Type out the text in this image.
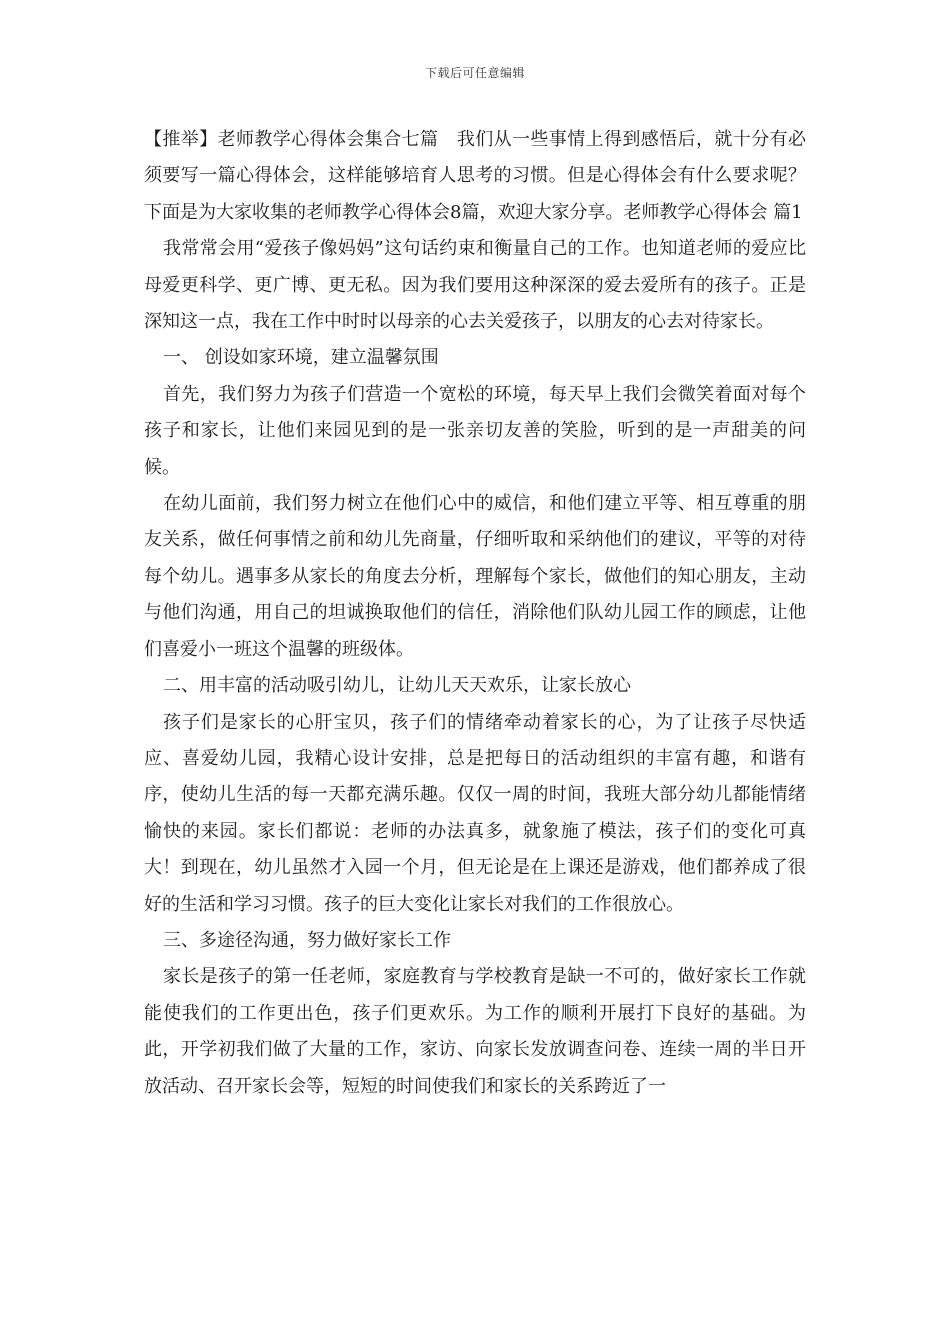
下载后可任意编辑

【推举】老师教学心得体会集合七篇　我们从一些事情上得到感悟后，就十分有必须要写一篇心得体会，这样能够培育人思考的习惯。但是心得体会有什么要求呢？下面是为大家收集的老师教学心得体会8篇，欢迎大家分享。老师教学心得体会 篇1

我常常会用“爱孩子像妈妈”这句话约束和衡量自己的工作。也知道老师的爱应比母爱更科学、更广博、更无私。因为我们要用这种深深的爱去爱所有的孩子。正是深知这一点，我在工作中时时以母亲的心去关爱孩子，以朋友的心去对待家长。

一、 创设如家环境，建立温馨氛围

首先，我们努力为孩子们营造一个宽松的环境，每天早上我们会微笑着面对每个孩子和家长，让他们来园见到的是一张亲切友善的笑脸，听到的是一声甜美的问候。

在幼儿面前，我们努力树立在他们心中的威信，和他们建立平等、相互尊重的朋友关系，做任何事情之前和幼儿先商量，仔细听取和采纳他们的建议，平等的对待每个幼儿。遇事多从家长的角度去分析，理解每个家长，做他们的知心朋友，主动与他们沟通，用自己的坦诚换取他们的信任，消除他们队幼儿园工作的顾虑，让他们喜爱小一班这个温馨的班级体。

二、用丰富的活动吸引幼儿，让幼儿天天欢乐，让家长放心

孩子们是家长的心肝宝贝，孩子们的情绪牵动着家长的心，为了让孩子尽快适应、喜爱幼儿园，我精心设计安排，总是把每日的活动组织的丰富有趣，和谐有序，使幼儿生活的每一天都充满乐趣。仅仅一周的时间，我班大部分幼儿都能情绪愉快的来园。家长们都说：老师的办法真多，就象施了模法，孩子们的变化可真大！到现在，幼儿虽然才入园一个月，但无论是在上课还是游戏，他们都养成了很好的生活和学习习惯。孩子的巨大变化让家长对我们的工作很放心。

三、多途径沟通，努力做好家长工作

家长是孩子的第一任老师，家庭教育与学校教育是缺一不可的，做好家长工作就能使我们的工作更出色，孩子们更欢乐。为工作的顺利开展打下良好的基础。为此，开学初我们做了大量的工作，家访、向家长发放调查问卷、连续一周的半日开放活动、召开家长会等，短短的时间使我们和家长的关系跨近了一
